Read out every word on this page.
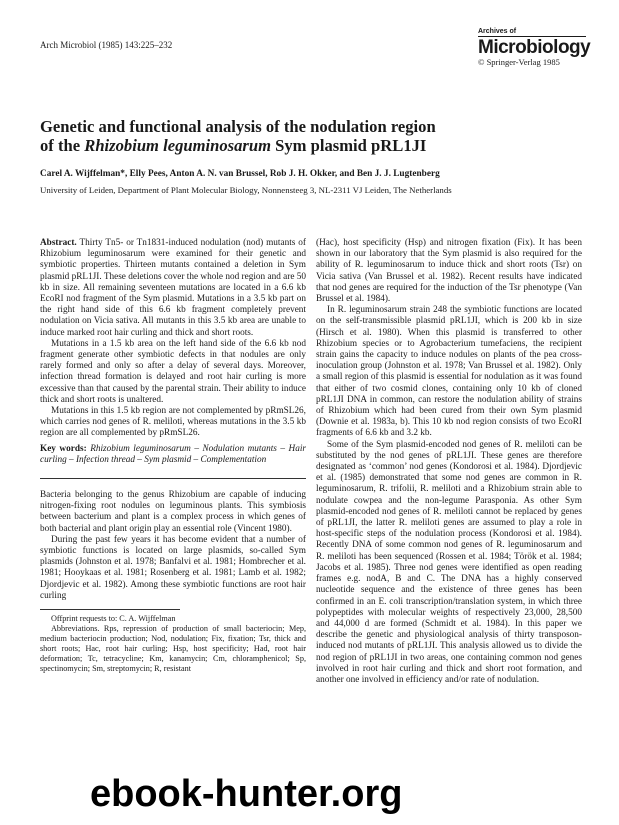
Arch Microbiol (1985) 143:225–232
Archives of
Microbiology
© Springer-Verlag 1985
Genetic and functional analysis of the nodulation region
of the Rhizobium leguminosarum Sym plasmid pRL1JI
Carel A. Wijffelman*, Elly Pees, Anton A. N. van Brussel, Rob J. H. Okker, and Ben J. J. Lugtenberg
University of Leiden, Department of Plant Molecular Biology, Nonnensteeg 3, NL-2311 VJ Leiden, The Netherlands

Abstract. Thirty Tn5- or Tn1831-induced nodulation (nod) mutants of Rhizobium leguminosarum were examined for their genetic and symbiotic properties. Thirteen mutants contained a deletion in Sym plasmid pRL1JI. These deletions cover the whole nod region and are 50 kb in size. All remaining seventeen mutations are located in a 6.6 kb EcoRI nod fragment of the Sym plasmid. Mutations in a 3.5 kb part on the right hand side of this 6.6 kb fragment completely prevent nodulation on Vicia sativa. All mutants in this 3.5 kb area are unable to induce marked root hair curling and thick and short roots.

Mutations in a 1.5 kb area on the left hand side of the 6.6 kb nod fragment generate other symbiotic defects in that nodules are only rarely formed and only so after a delay of several days. Moreover, infection thread formation is delayed and root hair curling is more excessive than that caused by the parental strain. Their ability to induce thick and short roots is unaltered.

Mutations in this 1.5 kb region are not complemented by pRmSL26, which carries nod genes of R. meliloti, whereas mutations in the 3.5 kb region are all complemented by pRmSL26.

Key words: Rhizobium leguminosarum – Nodulation mutants – Hair curling – Infection thread – Sym plasmid – Complementation

Bacteria belonging to the genus Rhizobium are capable of inducing nitrogen-fixing root nodules on leguminous plants. This symbiosis between bacterium and plant is a complex process in which genes of both bacterial and plant origin play an essential role (Vincent 1980).

During the past few years it has become evident that a number of symbiotic functions is located on large plasmids, so-called Sym plasmids (Johnston et al. 1978; Banfalvi et al. 1981; Hombrecher et al. 1981; Hooykaas et al. 1981; Rosenberg et al. 1981; Lamb et al. 1982; Djordjevic et al. 1982). Among these symbiotic functions are root hair curling

Offprint requests to: C. A. Wijffelman

Abbreviations. Rps, repression of production of small bacteriocin; Mep, medium bacteriocin production; Nod, nodulation; Fix, fixation; Tsr, thick and short roots; Hac, root hair curling; Hsp, host specificity; Had, root hair deformation; Tc, tetracycline; Km, kanamycin; Cm, chloramphenicol; Sp, spectinomycin; Sm, streptomycin; R, resistant

(Hac), host specificity (Hsp) and nitrogen fixation (Fix). It has been shown in our laboratory that the Sym plasmid is also required for the ability of R. leguminosarum to induce thick and short roots (Tsr) on Vicia sativa (Van Brussel et al. 1982). Recent results have indicated that nod genes are required for the induction of the Tsr phenotype (Van Brussel et al. 1984).

In R. leguminosarum strain 248 the symbiotic functions are located on the self-transmissible plasmid pRL1JI, which is 200 kb in size (Hirsch et al. 1980). When this plasmid is transferred to other Rhizobium species or to Agrobacterium tumefaciens, the recipient strain gains the capacity to induce nodules on plants of the pea cross-inoculation group (Johnston et al. 1978; Van Brussel et al. 1982). Only a small region of this plasmid is essential for nodulation as it was found that either of two cosmid clones, containing only 10 kb of cloned pRL1JI DNA in common, can restore the nodulation ability of strains of Rhizobium which had been cured from their own Sym plasmid (Downie et al. 1983a, b). This 10 kb nod region consists of two EcoRI fragments of 6.6 kb and 3.2 kb.

Some of the Sym plasmid-encoded nod genes of R. meliloti can be substituted by the nod genes of pRL1JI. These genes are therefore designated as ‘common’ nod genes (Kondorosi et al. 1984). Djordjevic et al. (1985) demonstrated that some nod genes are common in R. leguminosarum, R. trifolii, R. meliloti and a Rhizobium strain able to nodulate cowpea and the non-legume Parasponia. As other Sym plasmid-encoded nod genes of R. meliloti cannot be replaced by genes of pRL1JI, the latter R. meliloti genes are assumed to play a role in host-specific steps of the nodulation process (Kondorosi et al. 1984). Recently DNA of some common nod genes of R. leguminosarum and R. meliloti has been sequenced (Rossen et al. 1984; Török et al. 1984; Jacobs et al. 1985). Three nod genes were identified as open reading frames e.g. nodA, B and C. The DNA has a highly conserved nucleotide sequence and the existence of three genes has been confirmed in an E. coli transcription/translation system, in which three polypeptides with molecular weights of respectively 23,000, 28,500 and 44,000 d are formed (Schmidt et al. 1984). In this paper we describe the genetic and physiological analysis of thirty transposon-induced nod mutants of pRL1JI. This analysis allowed us to divide the nod region of pRL1JI in two areas, one containing common nod genes involved in root hair curling and thick and short root formation, and another one involved in efficiency and/or rate of nodulation.

ebook-hunter.org
